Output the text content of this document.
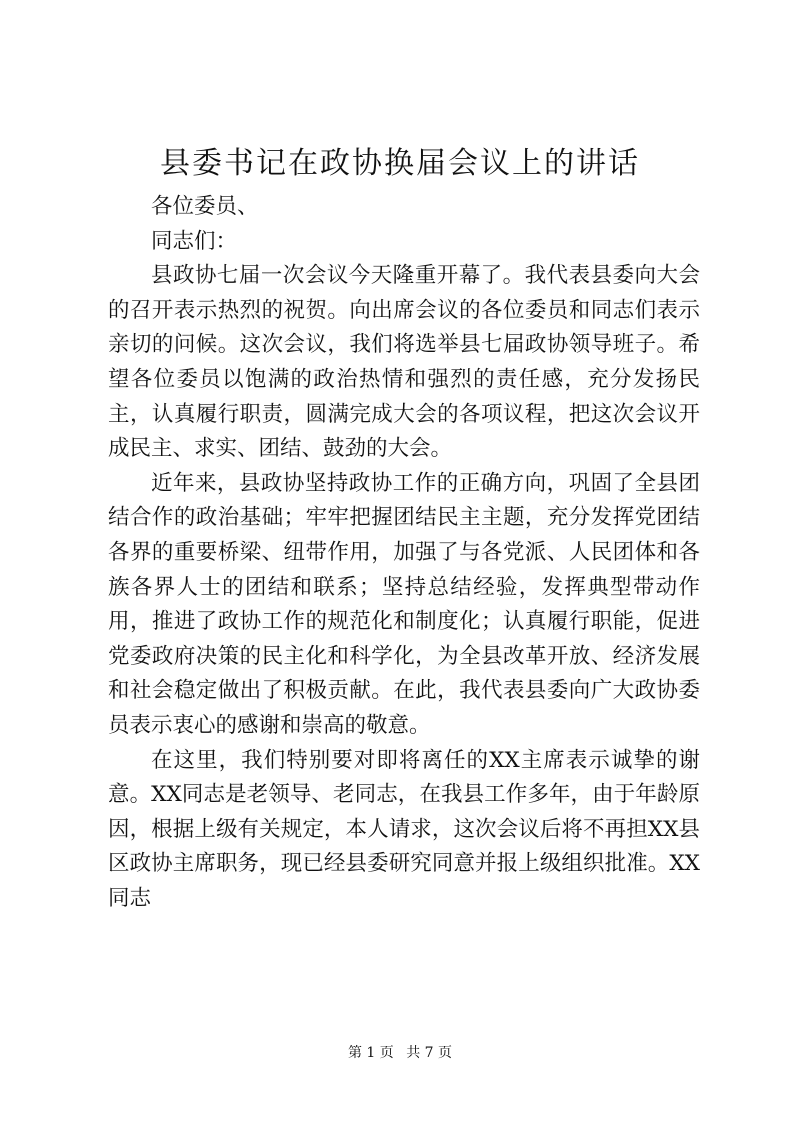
县委书记在政协换届会议上的讲话

各位委员、

同志们：

县政协七届一次会议今天隆重开幕了。我代表县委向大会的召开表示热烈的祝贺。向出席会议的各位委员和同志们表示亲切的问候。这次会议，我们将选举县七届政协领导班子。希望各位委员以饱满的政治热情和强烈的责任感，充分发扬民主，认真履行职责，圆满完成大会的各项议程，把这次会议开成民主、求实、团结、鼓劲的大会。

近年来，县政协坚持政协工作的正确方向，巩固了全县团结合作的政治基础；牢牢把握团结民主主题，充分发挥党团结各界的重要桥梁、纽带作用，加强了与各党派、人民团体和各族各界人士的团结和联系；坚持总结经验，发挥典型带动作用，推进了政协工作的规范化和制度化；认真履行职能，促进党委政府决策的民主化和科学化，为全县改革开放、经济发展和社会稳定做出了积极贡献。在此，我代表县委向广大政协委员表示衷心的感谢和崇高的敬意。

在这里，我们特别要对即将离任的XX主席表示诚挚的谢意。XX同志是老领导、老同志，在我县工作多年，由于年龄原因，根据上级有关规定，本人请求，这次会议后将不再担XX县区政协主席职务，现已经县委研究同意并报上级组织批准。XX同志

第 1 页 共 7 页
